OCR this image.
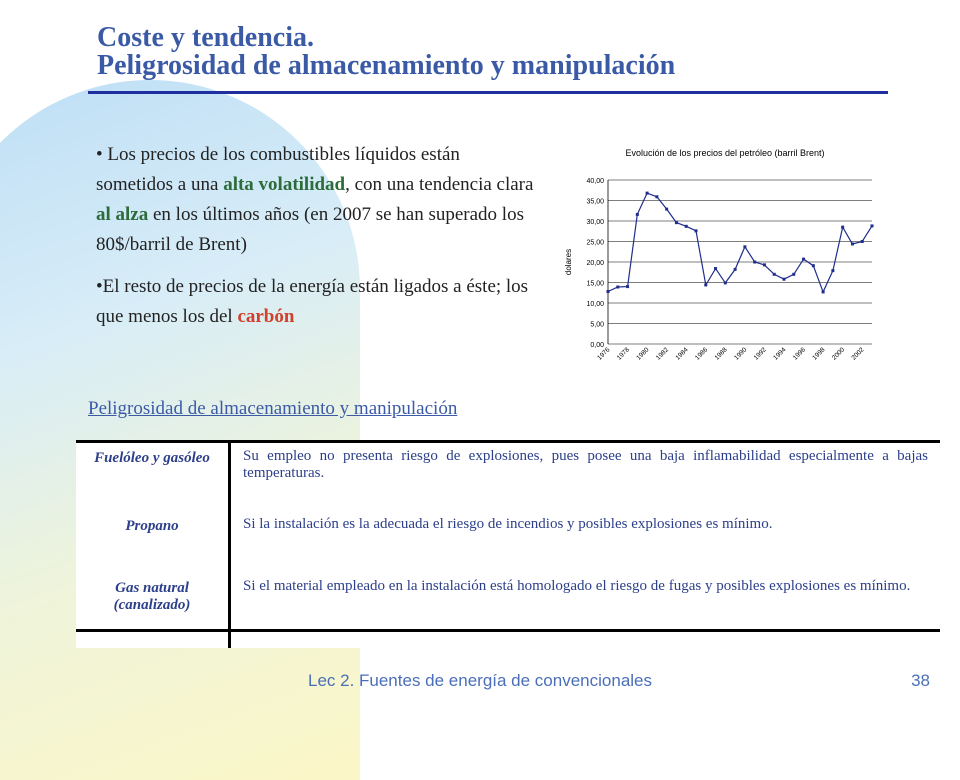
Coste y tendencia.
Peligrosidad de almacenamiento y manipulación

• Los precios de los combustibles líquidos están sometidos a una alta volatilidad, con una tendencia clara al alza en los últimos años (en 2007 se han superado los 80$/barril de Brent)

•El resto de precios de la energía están ligados a éste; los que menos los del carbón

Evolución de los precios del petróleo (barril Brent)
dolares
0,00
5,00
10,00
15,00
20,00
25,00
30,00
35,00
40,00
1976 1978 1980 1982 1984 1986 1988 1990 1992 1994 1996 1998 2000 2002
Peligrosidad de almacenamiento y manipulación
Fuelóleo y gasóleo	Su empleo no presenta riesgo de explosiones, pues posee una baja inflamabilidad especialmente a bajas temperaturas.
Propano	Si la instalación es la adecuada el riesgo de incendios y posibles explosiones es mínimo.
Gas natural (canalizado)	Si el material empleado en la instalación está homologado el riesgo de fugas y posibles explosiones es mínimo.
Lec 2. Fuentes de energía de convencionales	38
